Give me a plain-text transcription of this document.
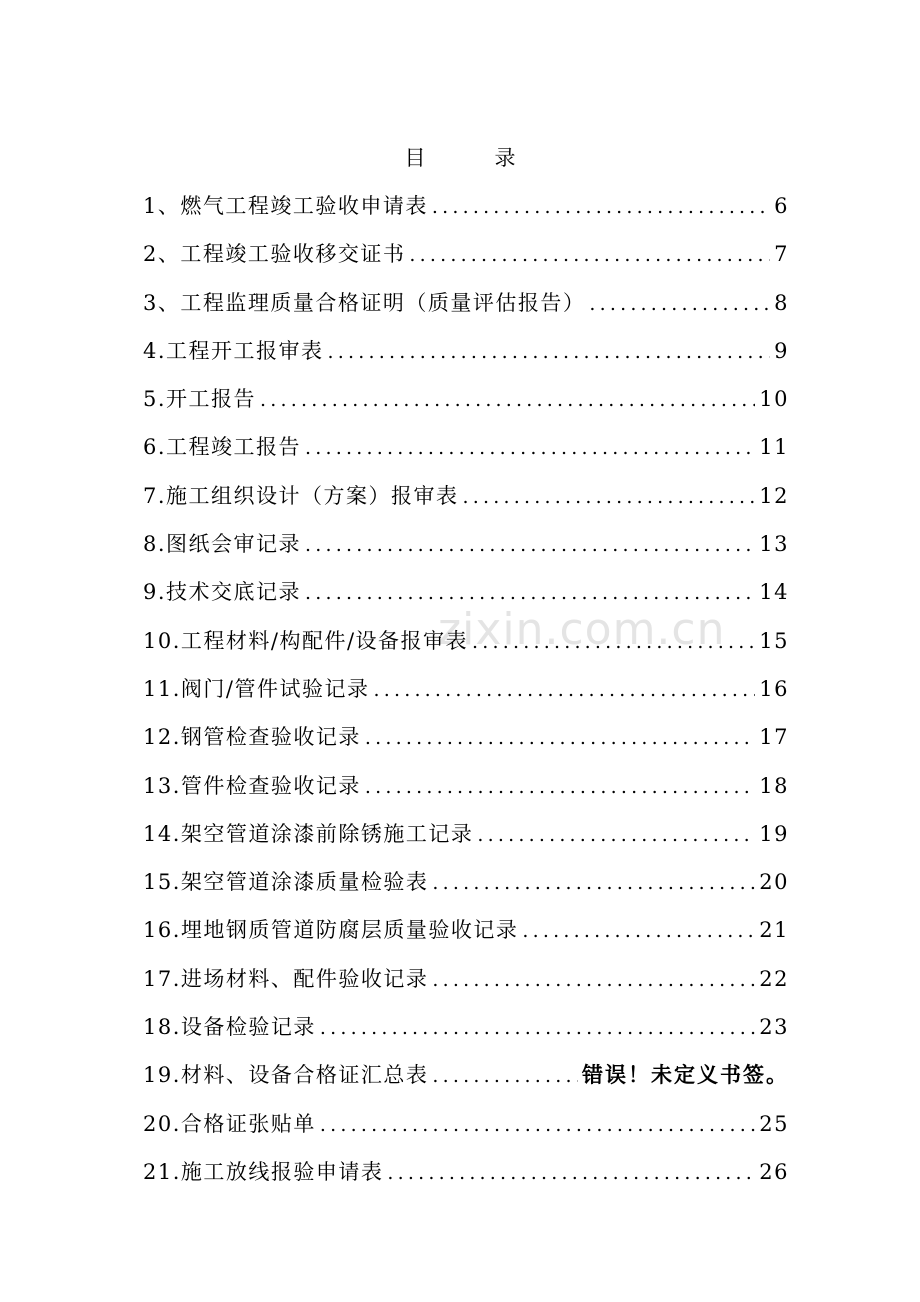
zixin.com.cn
目　录
1、燃气工程竣工验收申请表 .....	6
2、工程竣工验收移交证书 .....	7
3、工程监理质量合格证明（质量评估报告） .....	8
4.工程开工报审表 .....	9
5.开工报告 .....	10
6.工程竣工报告 .....	11
7.施工组织设计（方案）报审表 .....	12
8.图纸会审记录 .....	13
9.技术交底记录 .....	14
10.工程材料/构配件/设备报审表 .....	15
11.阀门/管件试验记录 .....	16
12.钢管检查验收记录 .....	17
13.管件检查验收记录 .....	18
14.架空管道涂漆前除锈施工记录 .....	19
15.架空管道涂漆质量检验表 .....	20
16.埋地钢质管道防腐层质量验收记录 .....	21
17.进场材料、配件验收记录 .....	22
18.设备检验记录 .....	23
19.材料、设备合格证汇总表 .....	错误！未定义书签。
20.合格证张贴单 .....	25
21.施工放线报验申请表 .....	26
